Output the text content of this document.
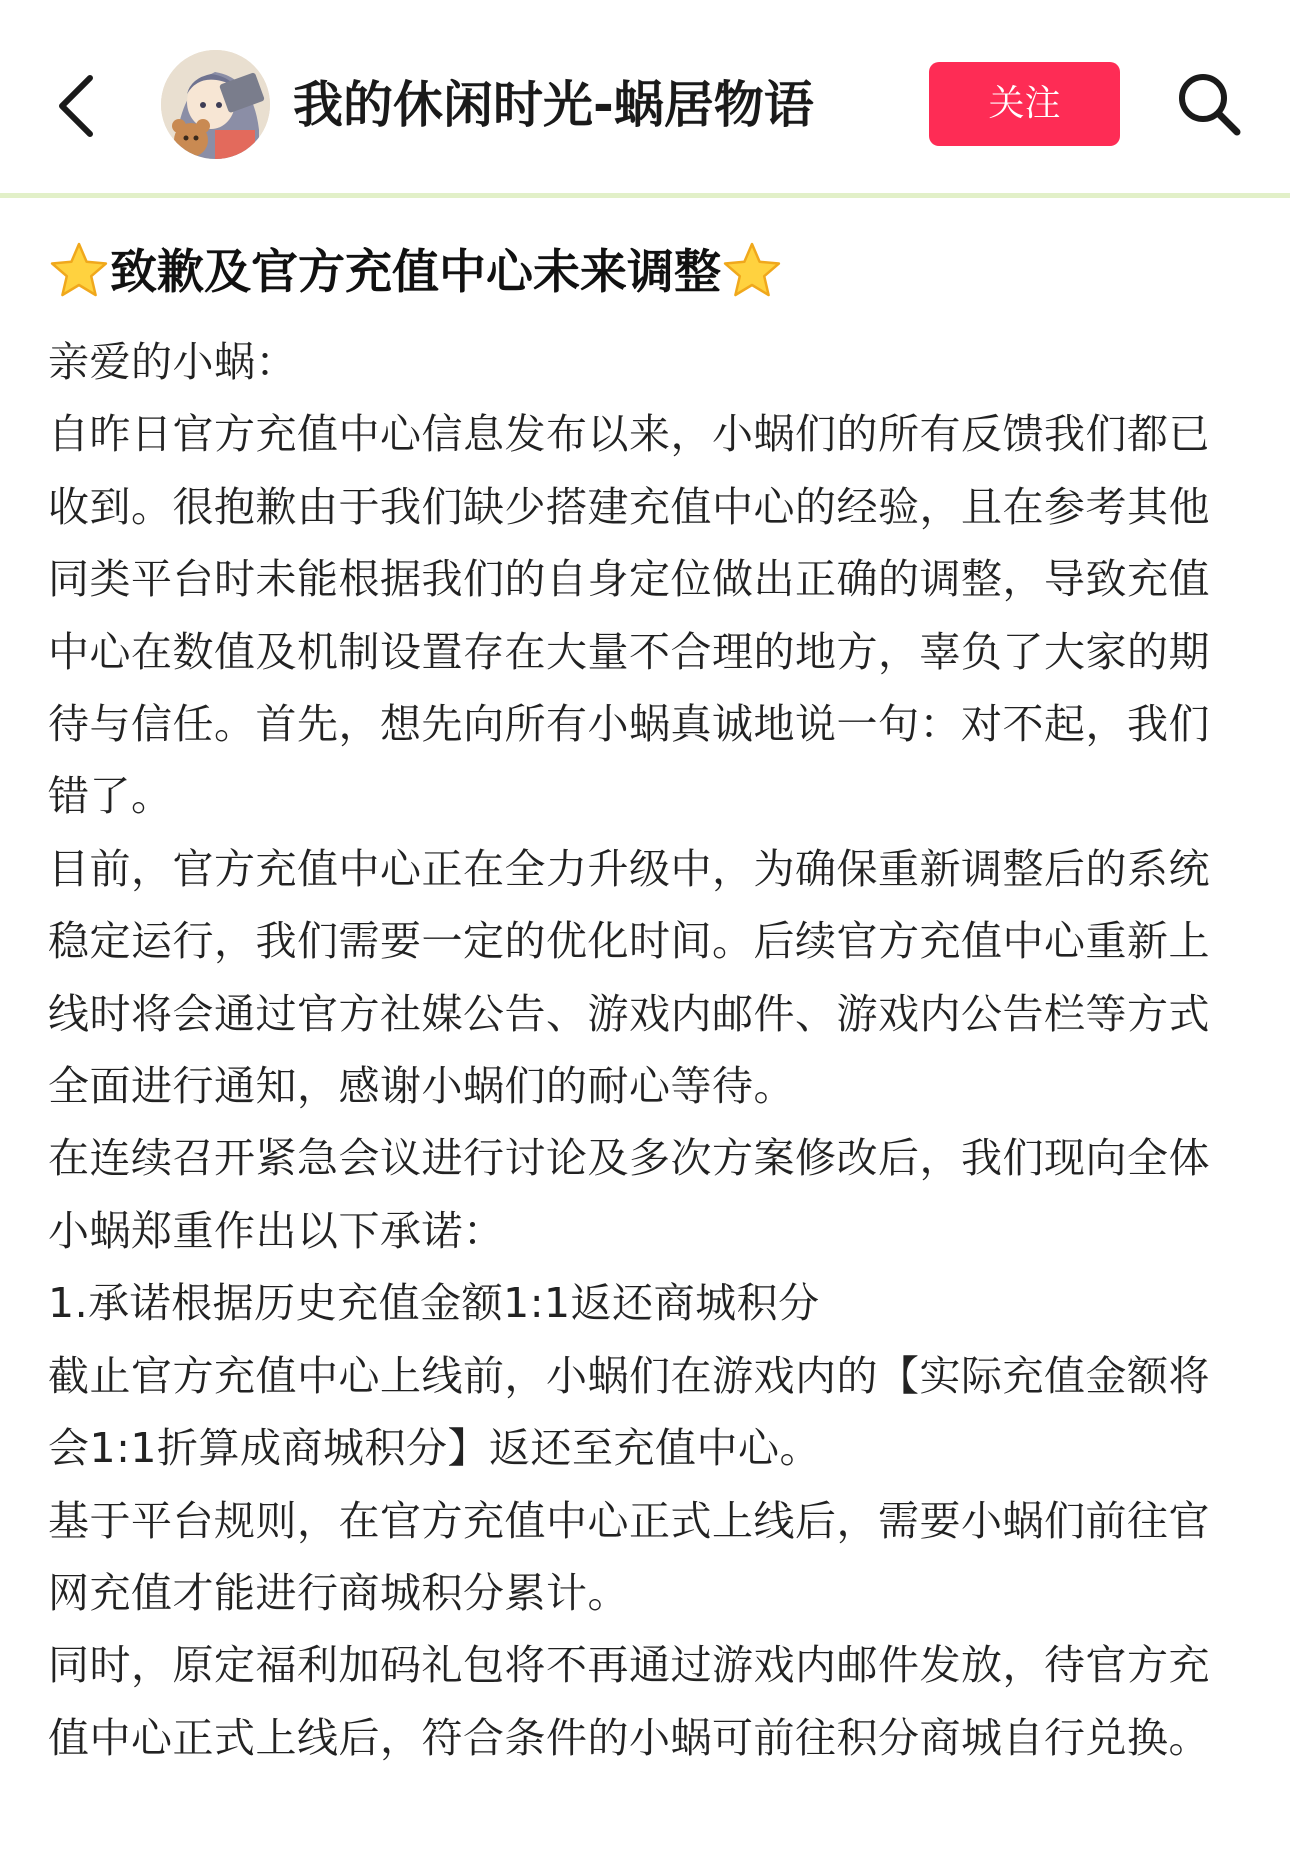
我的休闲时光-蜗居物语	关注
致歉及官方充值中心未来调整

亲爱的小蜗：

自昨日官方充值中心信息发布以来，小蜗们的所有反馈我们都已收到。很抱歉由于我们缺少搭建充值中心的经验，且在参考其他同类平台时未能根据我们的自身定位做出正确的调整，导致充值中心在数值及机制设置存在大量不合理的地方，辜负了大家的期待与信任。首先，想先向所有小蜗真诚地说一句：对不起，我们错了。

目前，官方充值中心正在全力升级中，为确保重新调整后的系统稳定运行，我们需要一定的优化时间。后续官方充值中心重新上线时将会通过官方社媒公告、游戏内邮件、游戏内公告栏等方式全面进行通知，感谢小蜗们的耐心等待。

在连续召开紧急会议进行讨论及多次方案修改后，我们现向全体小蜗郑重作出以下承诺：

1.承诺根据历史充值金额1:1返还商城积分

截止官方充值中心上线前，小蜗们在游戏内的【实际充值金额将会1:1折算成商城积分】返还至充值中心。

基于平台规则，在官方充值中心正式上线后，需要小蜗们前往官网充值才能进行商城积分累计。

同时，原定福利加码礼包将不再通过游戏内邮件发放，待官方充值中心正式上线后，符合条件的小蜗可前往积分商城自行兑换。
